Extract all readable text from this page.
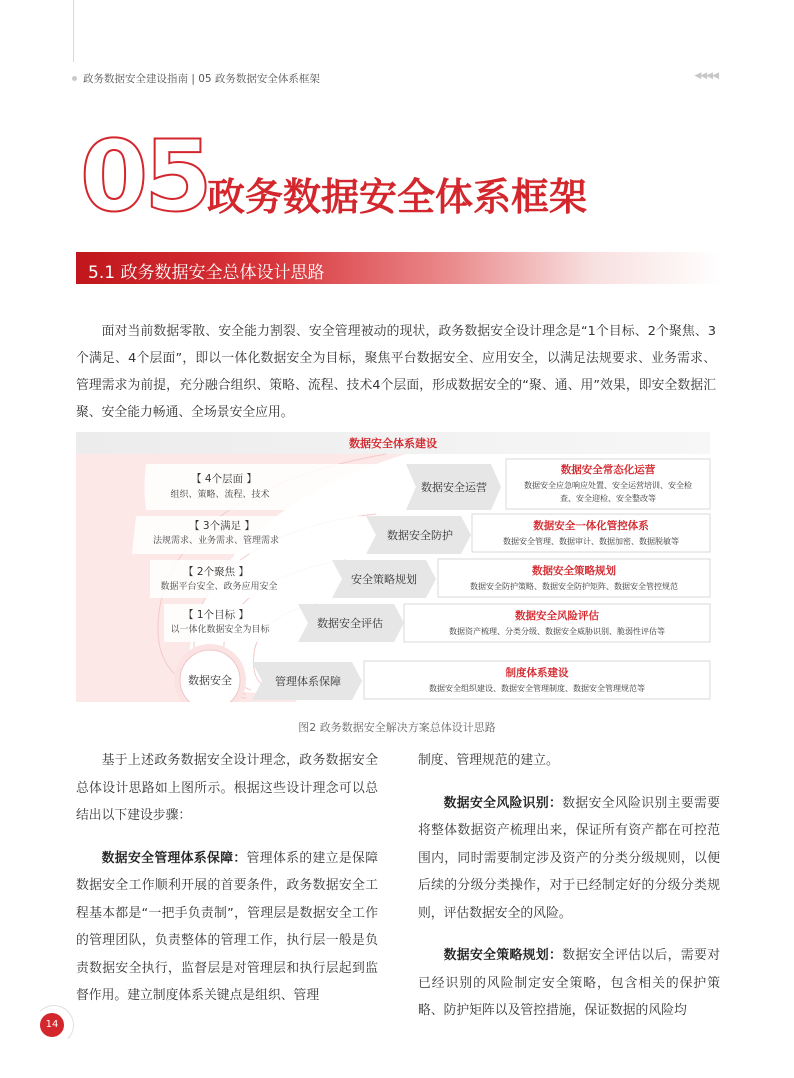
政务数据安全建设指南 | 05 政务数据安全体系框架	◀◀◀◀
05
政务数据安全体系框架
5.1 政务数据安全总体设计思路

面对当前数据零散、安全能力割裂、安全管理被动的现状，政务数据安全设计理念是“1个目标、2个聚焦、3个满足、4个层面”，即以一体化数据安全为目标，聚焦平台数据安全、应用安全，以满足法规要求、业务需求、管理需求为前提，充分融合组织、策略、流程、技术4个层面，形成数据安全的“聚、通、用”效果，即安全数据汇聚、安全能力畅通、全场景安全应用。

数据安全体系建设
【 4个层面 】
组织、策略、流程、技术
【 3个满足 】
法规需求、业务需求、管理需求
【 2个聚焦 】
数据平台安全、政务应用安全
【 1个目标 】
以一体化数据安全为目标
数据安全
数据安全运营
数据安全防护
安全策略规划
数据安全评估
管理体系保障
数据安全常态化运营
数据安全应急响应处置、安全运营培训、安全检
查、安全迎检、安全整改等
数据安全一体化管控体系
数据安全管理、数据审计、数据加密、数据脱敏等
数据安全策略规划
数据安全防护策略、数据安全防护矩阵、数据安全管控规范
数据安全风险评估
数据资产梳理、分类分级、数据安全威胁识别、脆弱性评估等
制度体系建设
数据安全组织建设、数据安全管理制度、数据安全管理规范等
图2 政务数据安全解决方案总体设计思路

基于上述政务数据安全设计理念，政务数据安全总体设计思路如上图所示。根据这些设计理念可以总结出以下建设步骤：

数据安全管理体系保障：管理体系的建立是保障数据安全工作顺利开展的首要条件，政务数据安全工程基本都是“一把手负责制”，管理层是数据安全工作的管理团队，负责整体的管理工作，执行层一般是负责数据安全执行，监督层是对管理层和执行层起到监督作用。建立制度体系关键点是组织、管理

制度、管理规范的建立。

数据安全风险识别：数据安全风险识别主要需要将整体数据资产梳理出来，保证所有资产都在可控范围内，同时需要制定涉及资产的分类分级规则，以便后续的分级分类操作，对于已经制定好的分级分类规则，评估数据安全的风险。

数据安全策略规划：数据安全评估以后，需要对已经识别的风险制定安全策略，包含相关的保护策略、防护矩阵以及管控措施，保证数据的风险均

14
